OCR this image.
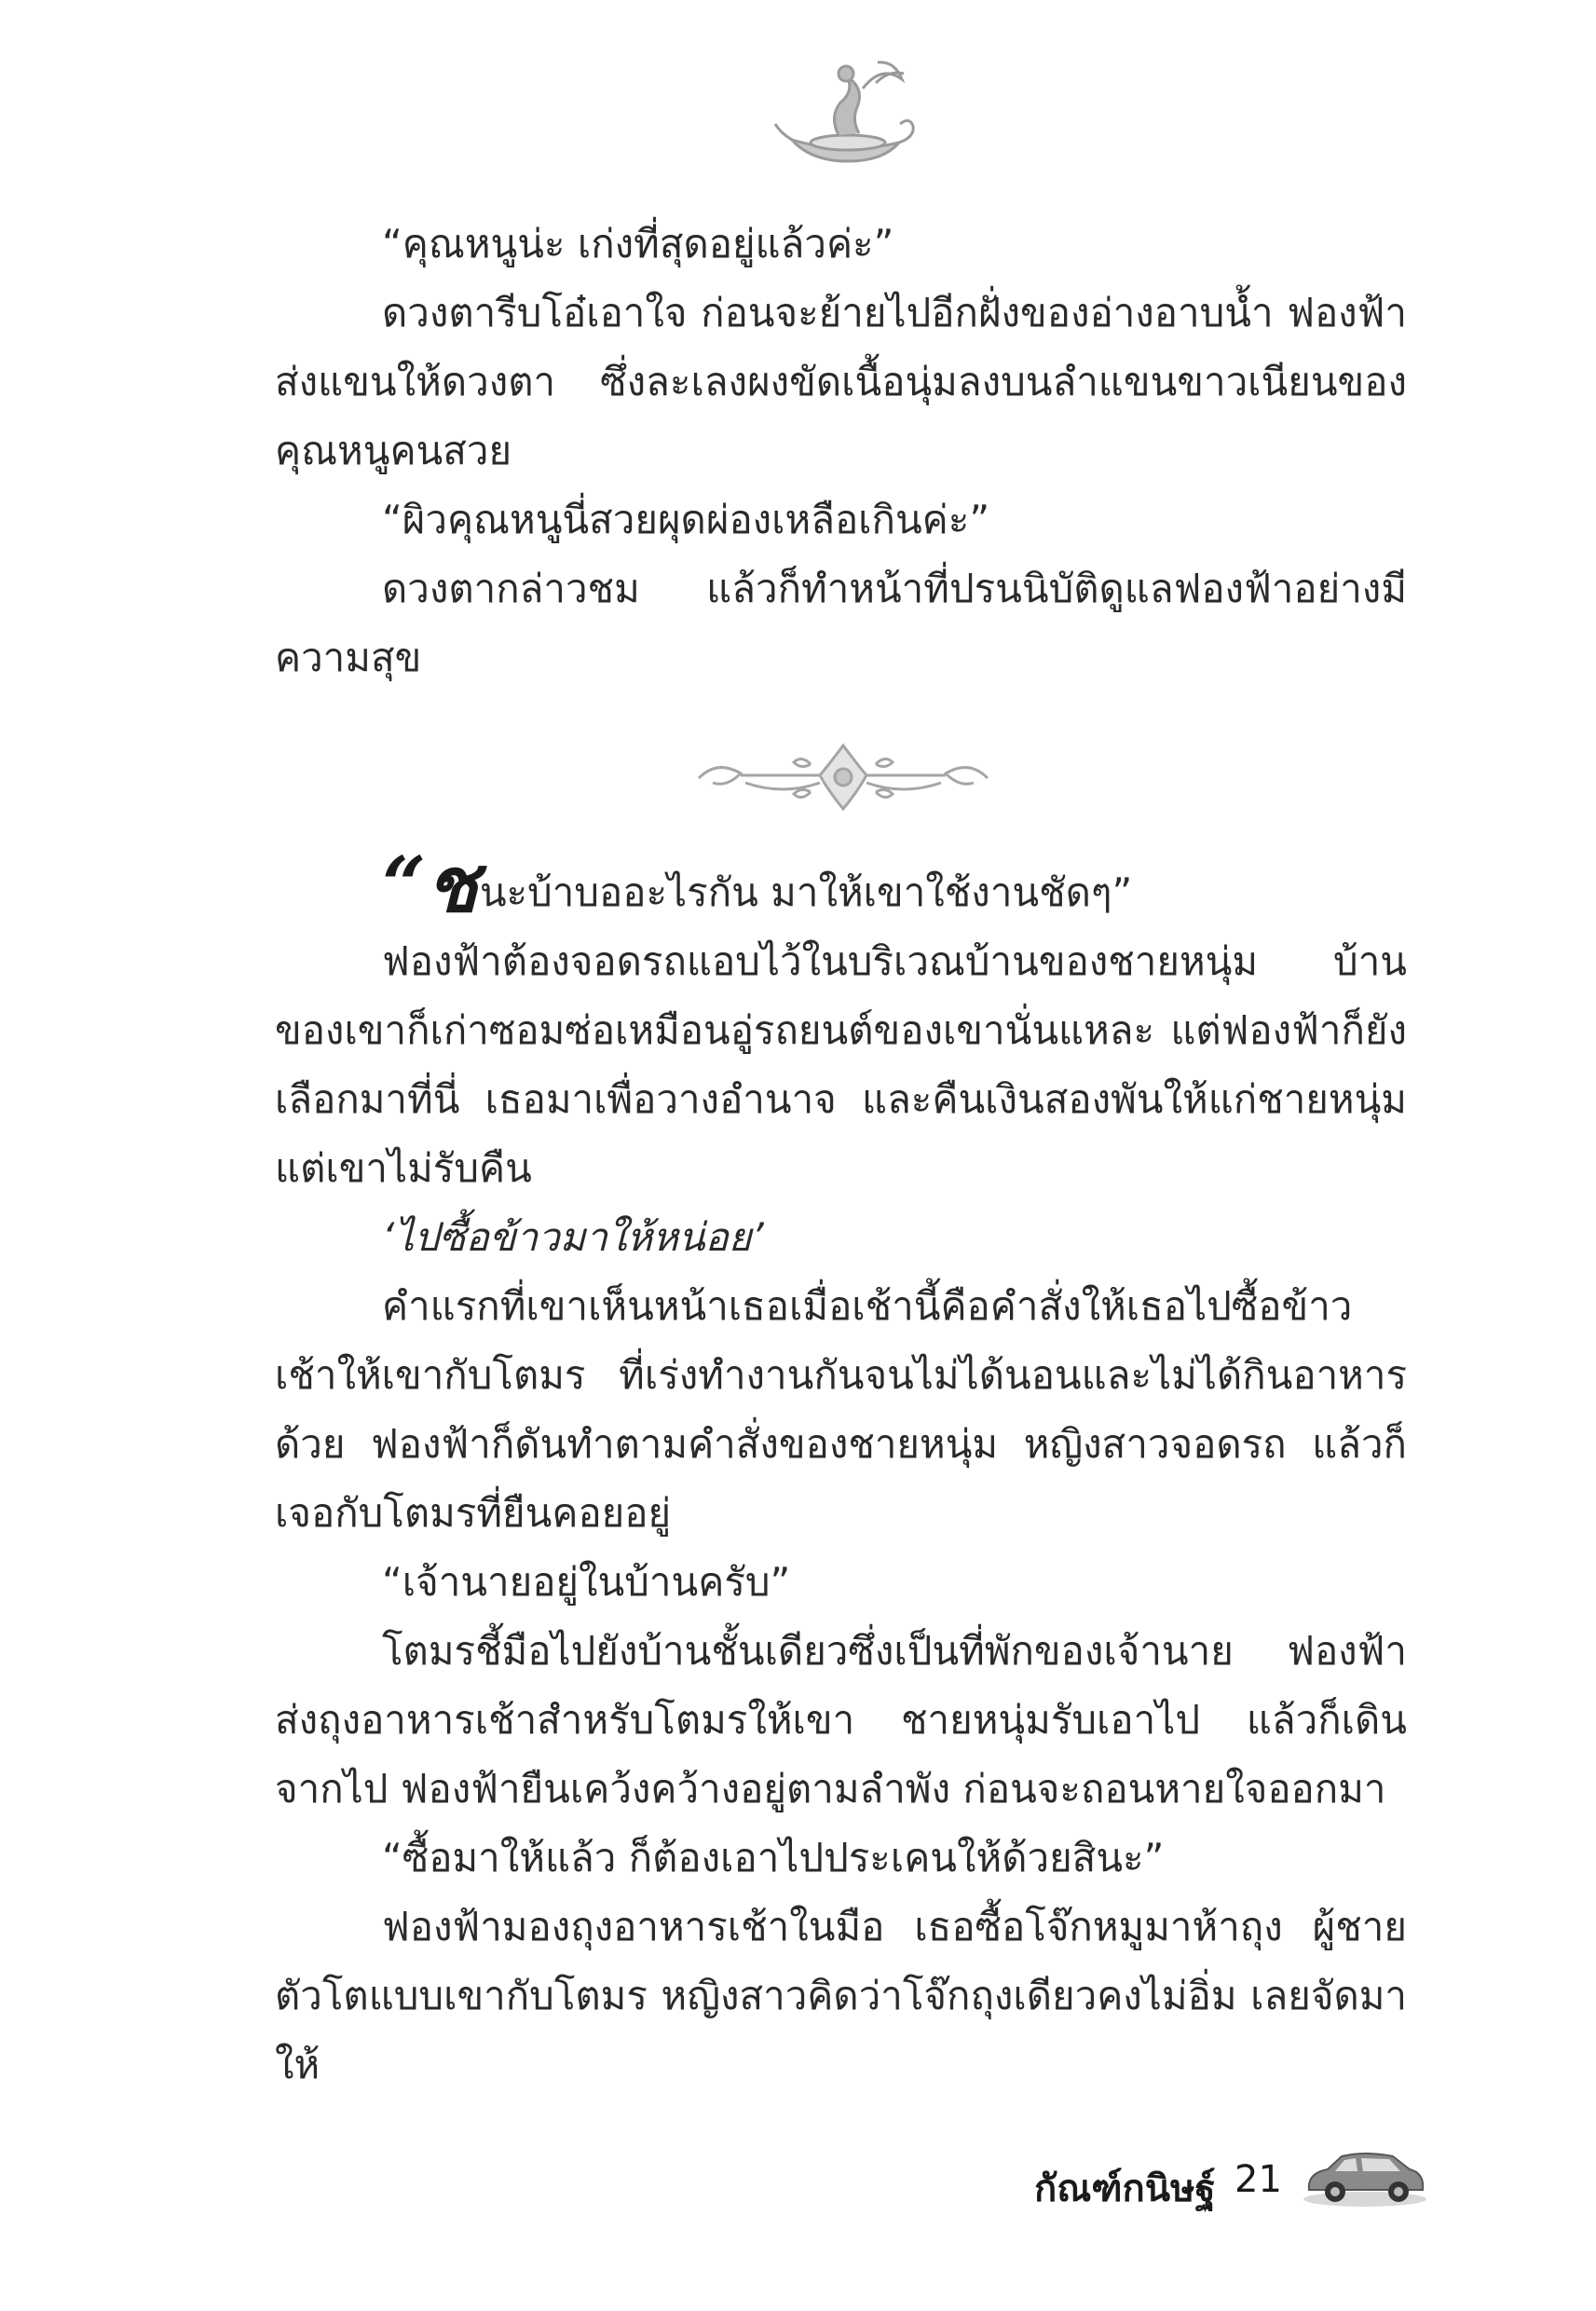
“คุณหนูน่ะ เก่งที่สุดอยู่แล้วค่ะ”

ดวงตารีบโอ๋เอาใจ ก่อนจะย้ายไปอีกฝั่งของอ่างอาบน้ำ ฟองฟ้าส่งแขนให้ดวงตา ซึ่งละเลงผงขัดเนื้อนุ่มลงบนลำแขนขาวเนียนของคุณหนูคนสวย

“ผิวคุณหนูนี่สวยผุดผ่องเหลือเกินค่ะ”

ดวงตากล่าวชม แล้วก็ทำหน้าที่ปรนนิบัติดูแลฟองฟ้าอย่างมีความสุข

“ชนะบ้าบออะไรกัน มาให้เขาใช้งานชัดๆ”

ฟองฟ้าต้องจอดรถแอบไว้ในบริเวณบ้านของชายหนุ่ม บ้านของเขาก็เก่าซอมซ่อเหมือนอู่รถยนต์ของเขานั่นแหละ แต่ฟองฟ้าก็ยังเลือกมาที่นี่ เธอมาเพื่อวางอำนาจ และคืนเงินสองพันให้แก่ชายหนุ่มแต่เขาไม่รับคืน

‘ไปซื้อข้าวมาให้หน่อย’

คำแรกที่เขาเห็นหน้าเธอเมื่อเช้านี้คือคำสั่งให้เธอไปซื้อข้าวเช้าให้เขากับโตมร ที่เร่งทำงานกันจนไม่ได้นอนและไม่ได้กินอาหารด้วย ฟองฟ้าก็ดันทำตามคำสั่งของชายหนุ่ม หญิงสาวจอดรถ แล้วก็เจอกับโตมรที่ยืนคอยอยู่

“เจ้านายอยู่ในบ้านครับ”

โตมรชี้มือไปยังบ้านชั้นเดียวซึ่งเป็นที่พักของเจ้านาย ฟองฟ้าส่งถุงอาหารเช้าสำหรับโตมรให้เขา ชายหนุ่มรับเอาไป แล้วก็เดินจากไป ฟองฟ้ายืนเคว้งคว้างอยู่ตามลำพัง ก่อนจะถอนหายใจออกมา

“ซื้อมาให้แล้ว ก็ต้องเอาไปประเคนให้ด้วยสินะ”

ฟองฟ้ามองถุงอาหารเช้าในมือ เธอซื้อโจ๊กหมูมาห้าถุง ผู้ชายตัวโตแบบเขากับโตมร หญิงสาวคิดว่าโจ๊กถุงเดียวคงไม่อิ่ม เลยจัดมาให้

กัณฑ์กนิษฐ์ 21
